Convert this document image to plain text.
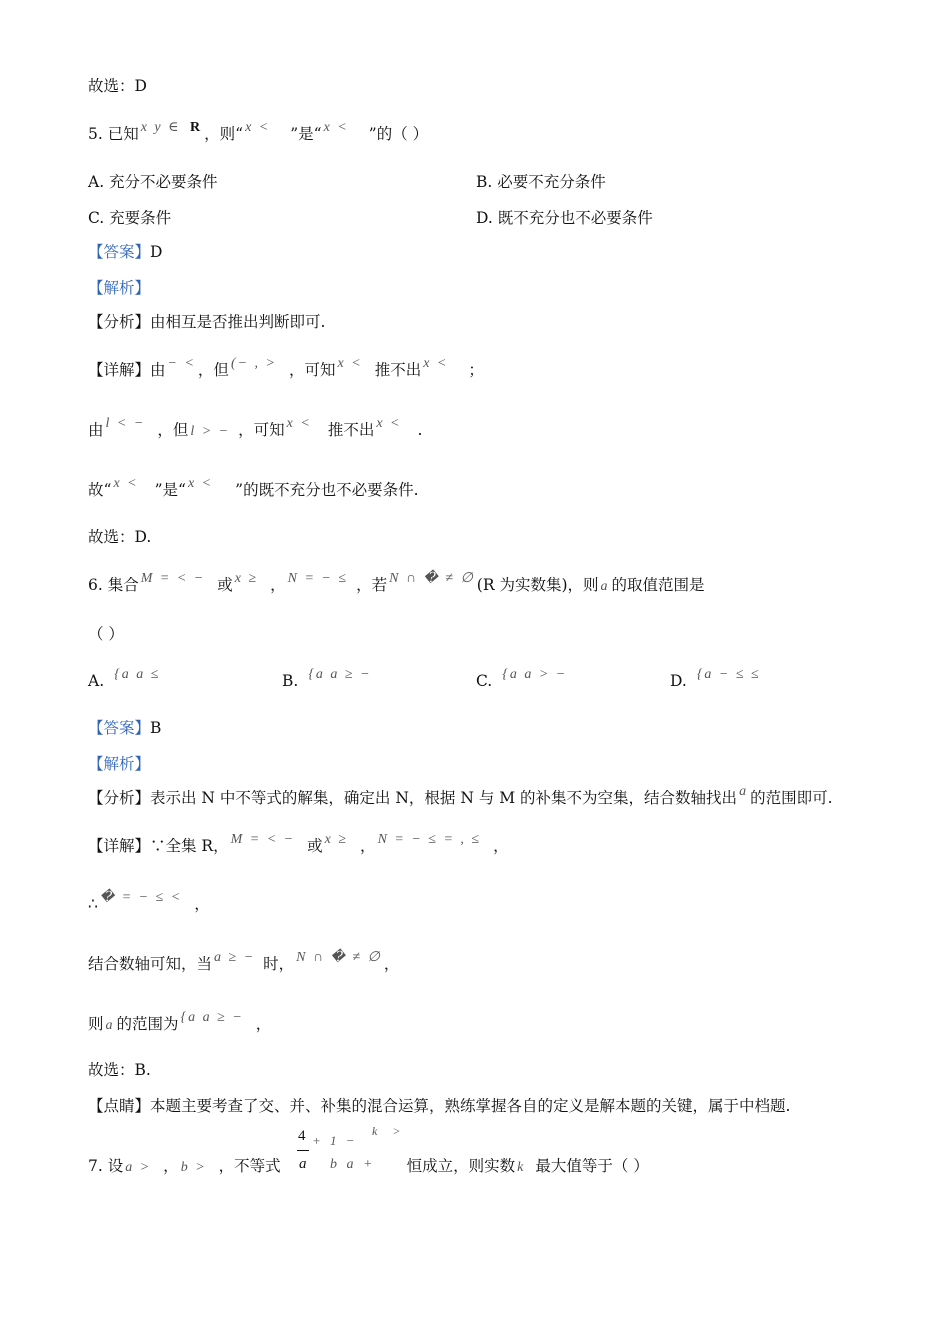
故选：D
5. 已知 x y ∈ R ，则“ x < ”是“ x < ”的（ ）
A. 充分不必要条件	B. 必要不充分条件
C. 充要条件	D. 既不充分也不必要条件
【答案】D
【解析】
【分析】由相互是否推出判断即可.
【详解】由 − < ，但 (− , > ，可知 x < 推不出 x < ；
由 l < − ，但 l > − ，可知 x < 推不出 x < .
故“ x < ”是“ x < ”的既不充分也不必要条件.
故选：D.
6. 集合 M = < − 或 x ≥ ， N = − ≤ ，若 N ∩ � ≠ ∅ (R 为实数集)，则 a 的取值范围是
（ ）
A. {a a ≤	B. {a a ≥ −	C. {a a > −	D. {a − ≤ ≤
【答案】B
【解析】
【分析】表示出 N 中不等式的解集，确定出 N，根据 N 与 M 的补集不为空集，结合数轴找出 a 的范围即可.
【详解】∵全集 R， M = < − 或 x ≥ ， N = − ≤ = , ≤ ，
∴ � = − ≤ < ，
结合数轴可知，当 a ≥ − 时， N ∩ � ≠ ∅ ，
则 a 的范围为 {a a ≥ − ，
故选：B.
【点睛】本题主要考查了交、并、补集的混合运算，熟练掌握各自的定义是解本题的关键，属于中档题.
7. 设 a > ， b > ，不等式	恒成立，则实数 k 最大值等于（ ）
4
a
+ 1 −
b a +
k >
